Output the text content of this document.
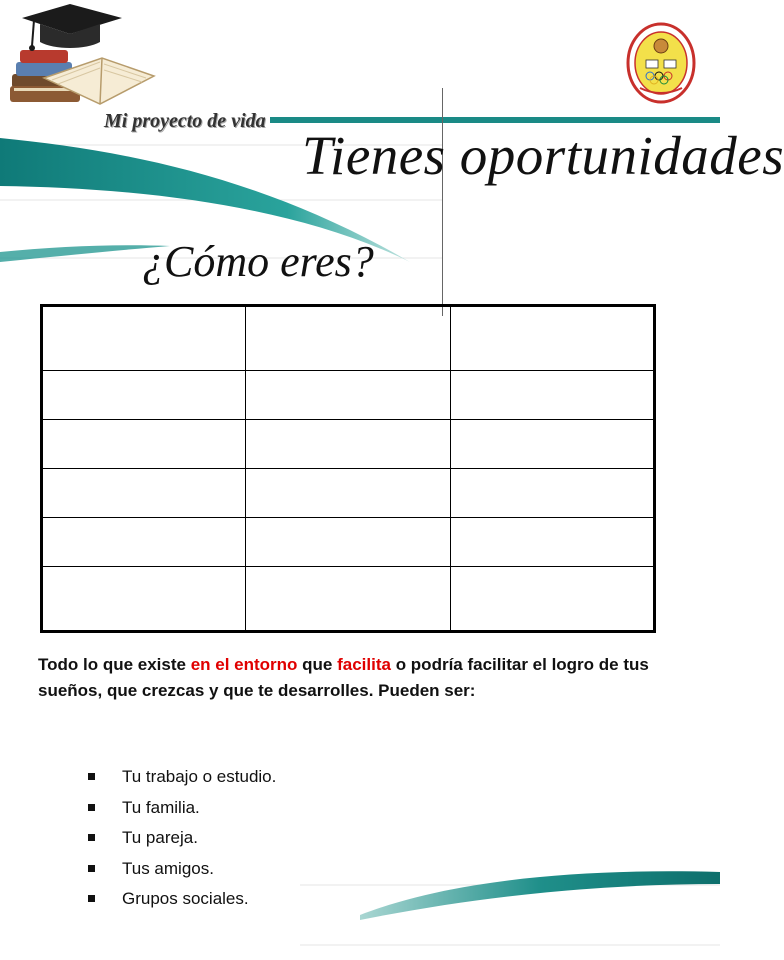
Mi proyecto de vida
Tienes oportunidades
¿Cómo eres?

Todo lo que existe en el entorno que facilita o podría facilitar el logro de tus sueños, que crezcas y que te desarrolles. Pueden ser:
Tu trabajo o estudio.
Tu familia.
Tu pareja.
Tus amigos.
Grupos sociales.
